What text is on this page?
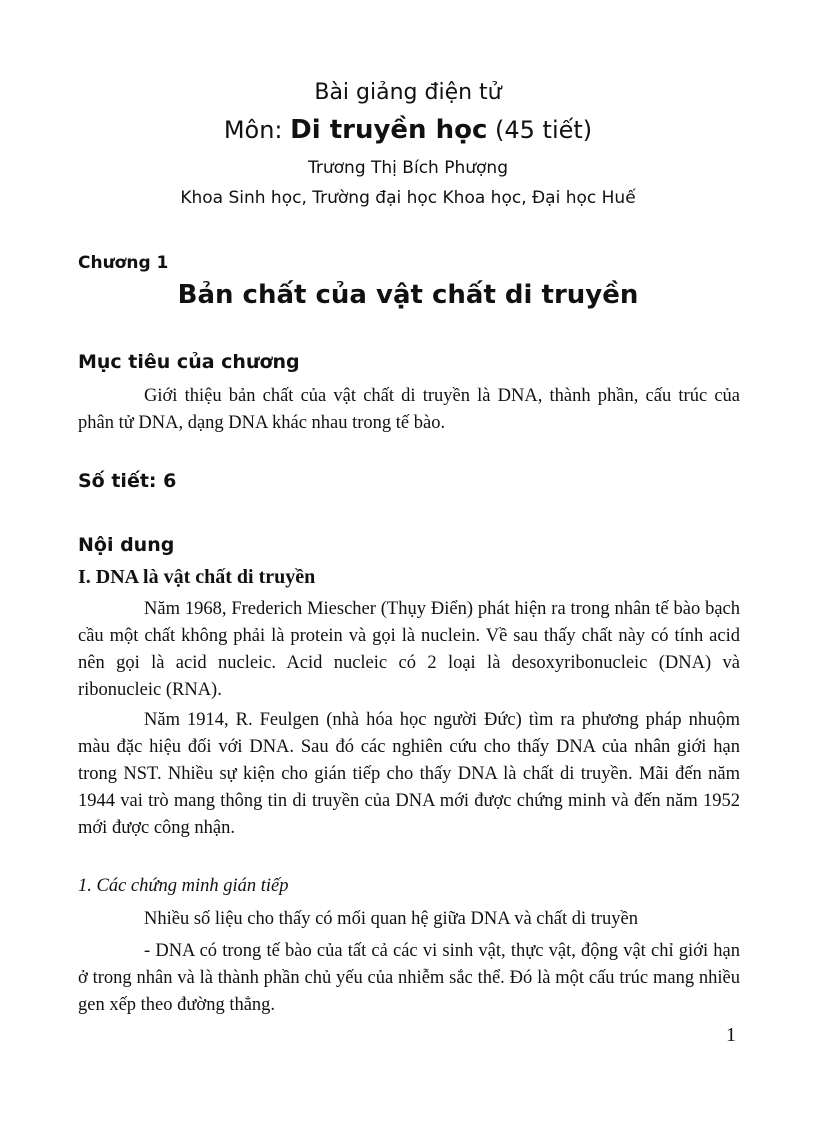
Bài giảng điện tử
Môn: Di truyền học (45 tiết)
Trương Thị Bích Phượng
Khoa Sinh học, Trường đại học Khoa học, Đại học Huế
Chương 1
Bản chất của vật chất di truyền
Mục tiêu của chương

Giới thiệu bản chất của vật chất di truyền là DNA, thành phần, cấu trúc của phân tử DNA, dạng DNA khác nhau trong tế bào.

Số tiết: 6
Nội dung
I. DNA là vật chất di truyền

Năm 1968, Frederich Miescher (Thụy Điển) phát hiện ra trong nhân tế bào bạch cầu một chất không phải là protein và gọi là nuclein. Về sau thấy chất này có tính acid nên gọi là acid nucleic. Acid nucleic có 2 loại là desoxyribonucleic (DNA) và ribonucleic (RNA).

Năm 1914, R. Feulgen (nhà hóa học người Đức) tìm ra phương pháp nhuộm màu đặc hiệu đối với DNA. Sau đó các nghiên cứu cho thấy DNA của nhân giới hạn trong NST. Nhiều sự kiện cho gián tiếp cho thấy DNA là chất di truyền. Mãi đến năm 1944 vai trò mang thông tin di truyền của DNA mới được chứng minh và đến năm 1952 mới được công nhận.

1. Các chứng minh gián tiếp

Nhiều số liệu cho thấy có mối quan hệ giữa DNA và chất di truyền

- DNA có trong tế bào của tất cả các vi sinh vật, thực vật, động vật chỉ giới hạn ở trong nhân và là thành phần chủ yếu của nhiễm sắc thể. Đó là một cấu trúc mang nhiều gen xếp theo đường thẳng.

1
